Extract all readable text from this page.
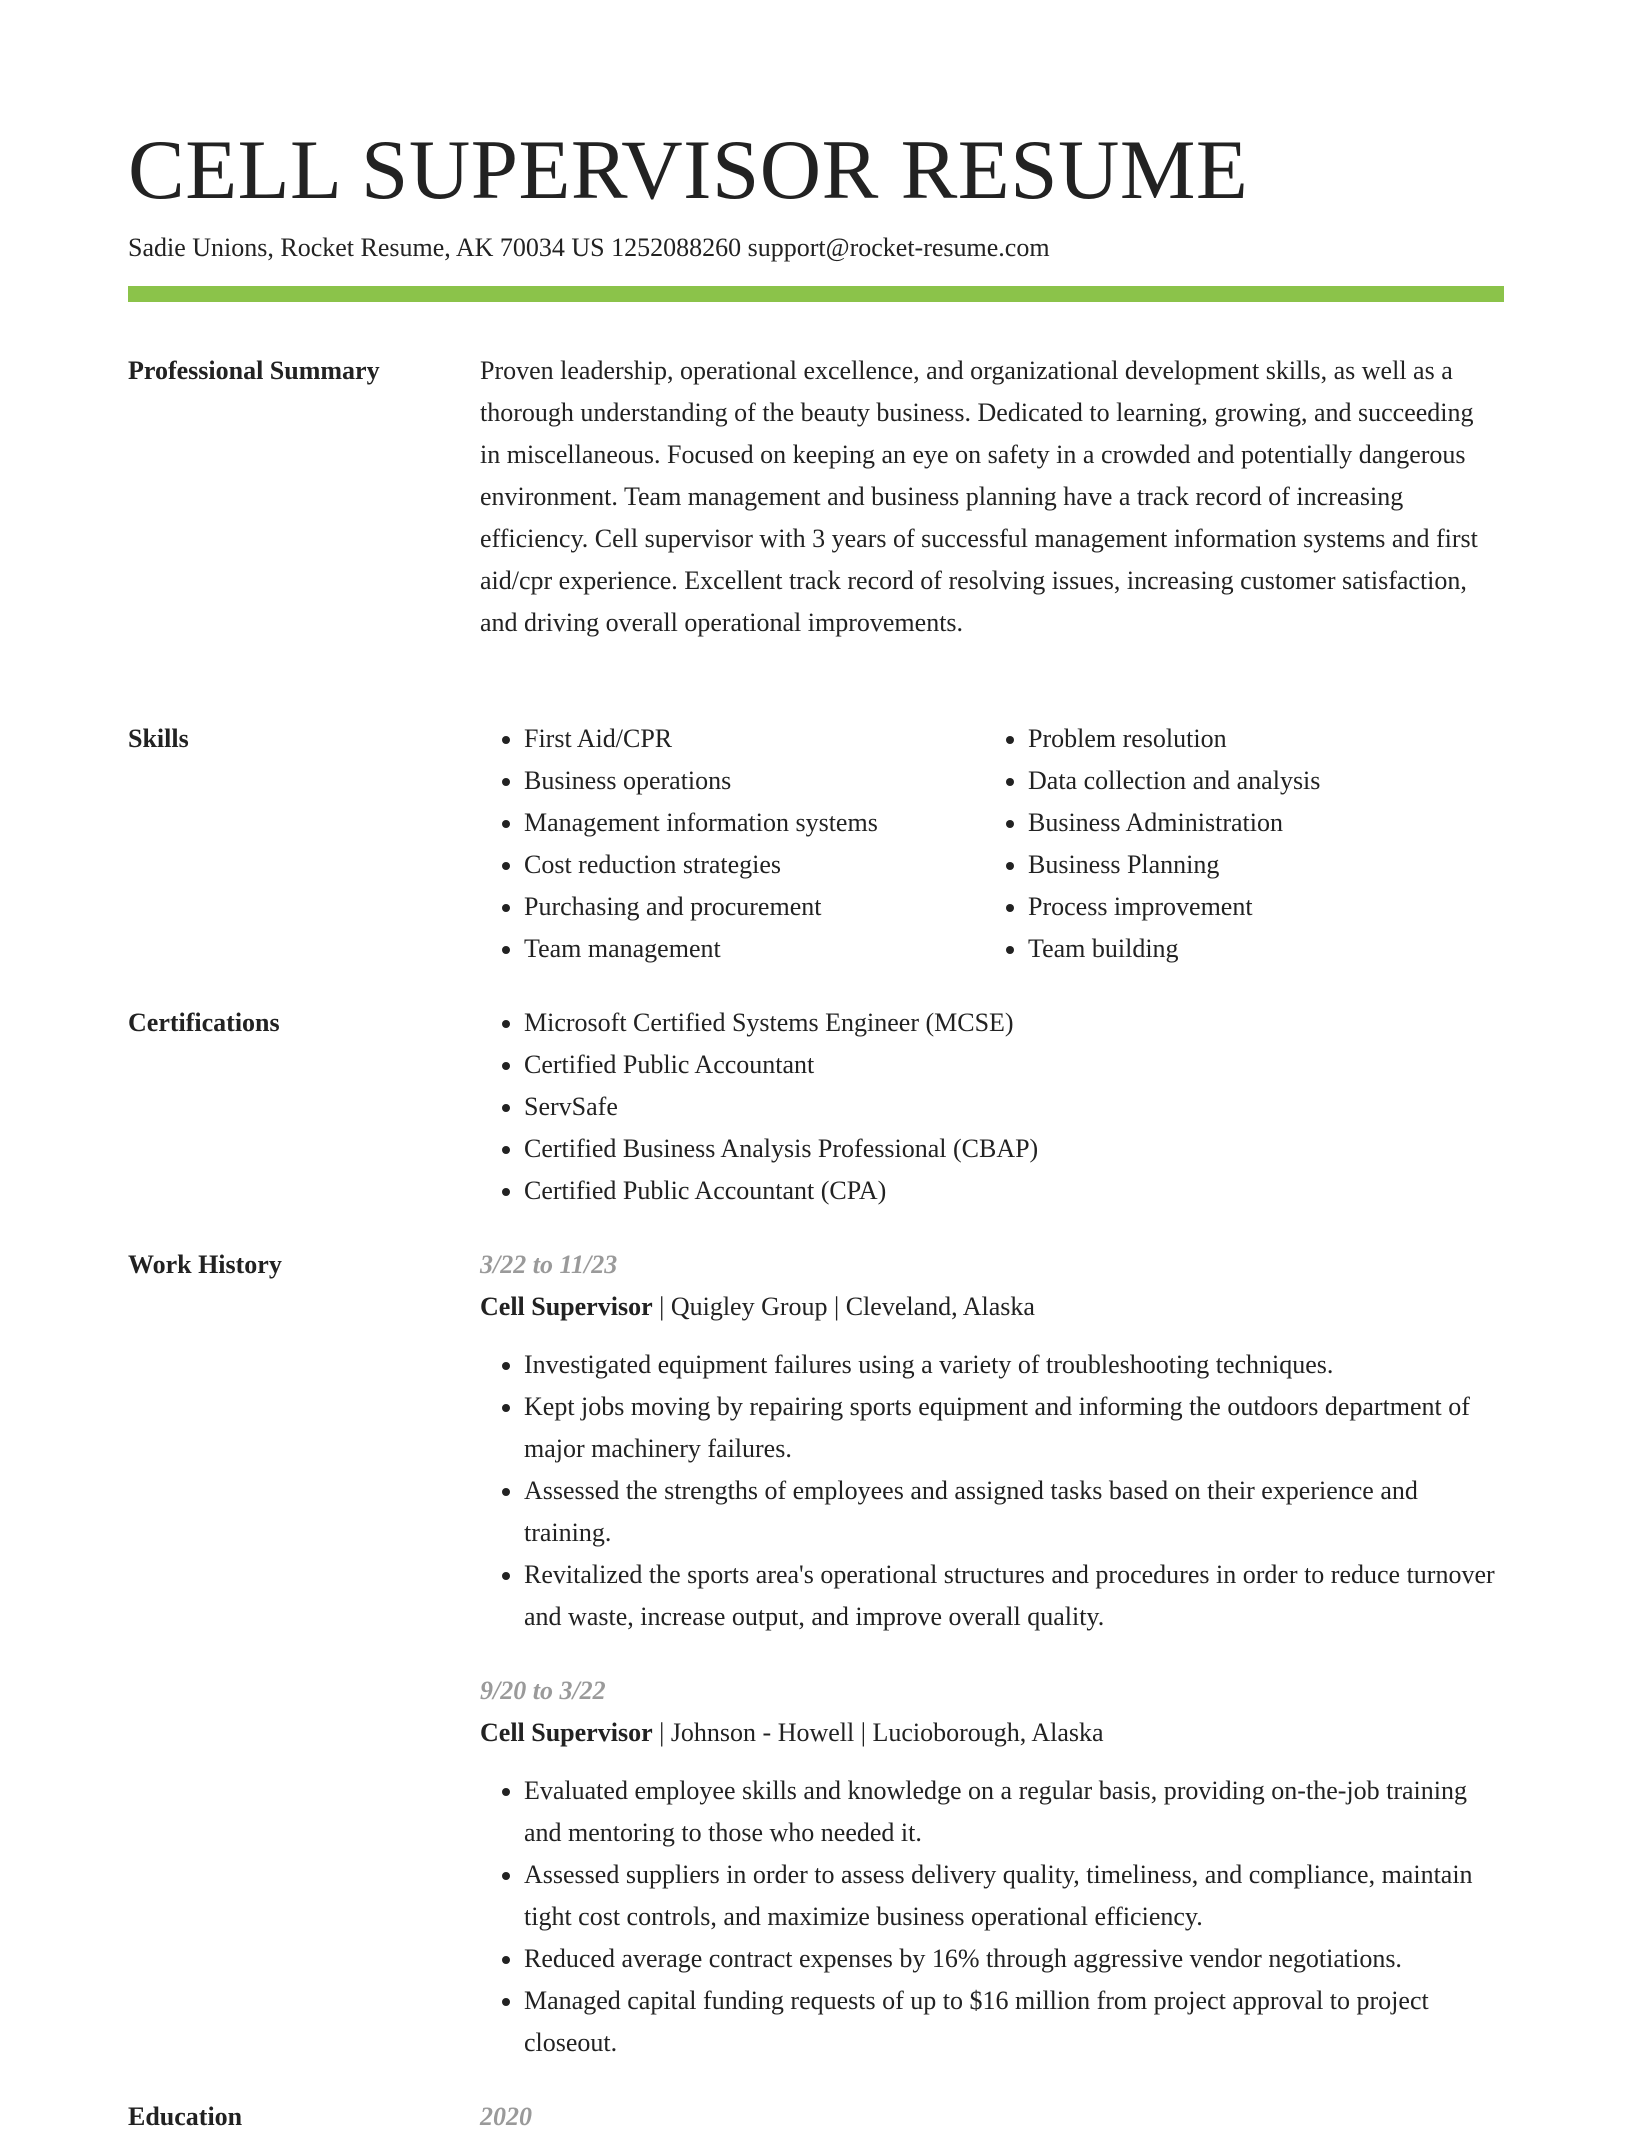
CELL SUPERVISOR RESUME
Sadie Unions, Rocket Resume, AK 70034 US 1252088260 support@rocket-resume.com
Professional Summary	Proven leadership, operational excellence, and organizational development skills, as well as a thorough understanding of the beauty business. Dedicated to learning, growing, and succeeding in miscellaneous. Focused on keeping an eye on safety in a crowded and potentially dangerous environment. Team management and business planning have a track record of increasing efficiency. Cell supervisor with 3 years of successful management information systems and first aid/cpr experience. Excellent track record of resolving issues, increasing customer satisfaction, and driving overall operational improvements.

Skills	• First Aid/CPR
• Business operations
• Management information systems
• Cost reduction strategies
• Purchasing and procurement
• Team management
• Problem resolution
• Data collection and analysis
• Business Administration
• Business Planning
• Process improvement
• Team building
Certifications	• Microsoft Certified Systems Engineer (MCSE)
• Certified Public Accountant
• ServSafe
• Certified Business Analysis Professional (CBAP)
• Certified Public Accountant (CPA)
Work History	3/22 to 11/23
Cell Supervisor | Quigley Group | Cleveland, Alaska
• Investigated equipment failures using a variety of troubleshooting techniques.
• Kept jobs moving by repairing sports equipment and informing the outdoors department of major machinery failures.
• Assessed the strengths of employees and assigned tasks based on their experience and training.
• Revitalized the sports area's operational structures and procedures in order to reduce turnover and waste, increase output, and improve overall quality.
9/20 to 3/22
Cell Supervisor | Johnson - Howell | Lucioborough, Alaska
• Evaluated employee skills and knowledge on a regular basis, providing on-the-job training and mentoring to those who needed it.
• Assessed suppliers in order to assess delivery quality, timeliness, and compliance, maintain tight cost controls, and maximize business operational efficiency.
• Reduced average contract expenses by 16% through aggressive vendor negotiations.
• Managed capital funding requests of up to $16 million from project approval to project closeout.
Education	2020
